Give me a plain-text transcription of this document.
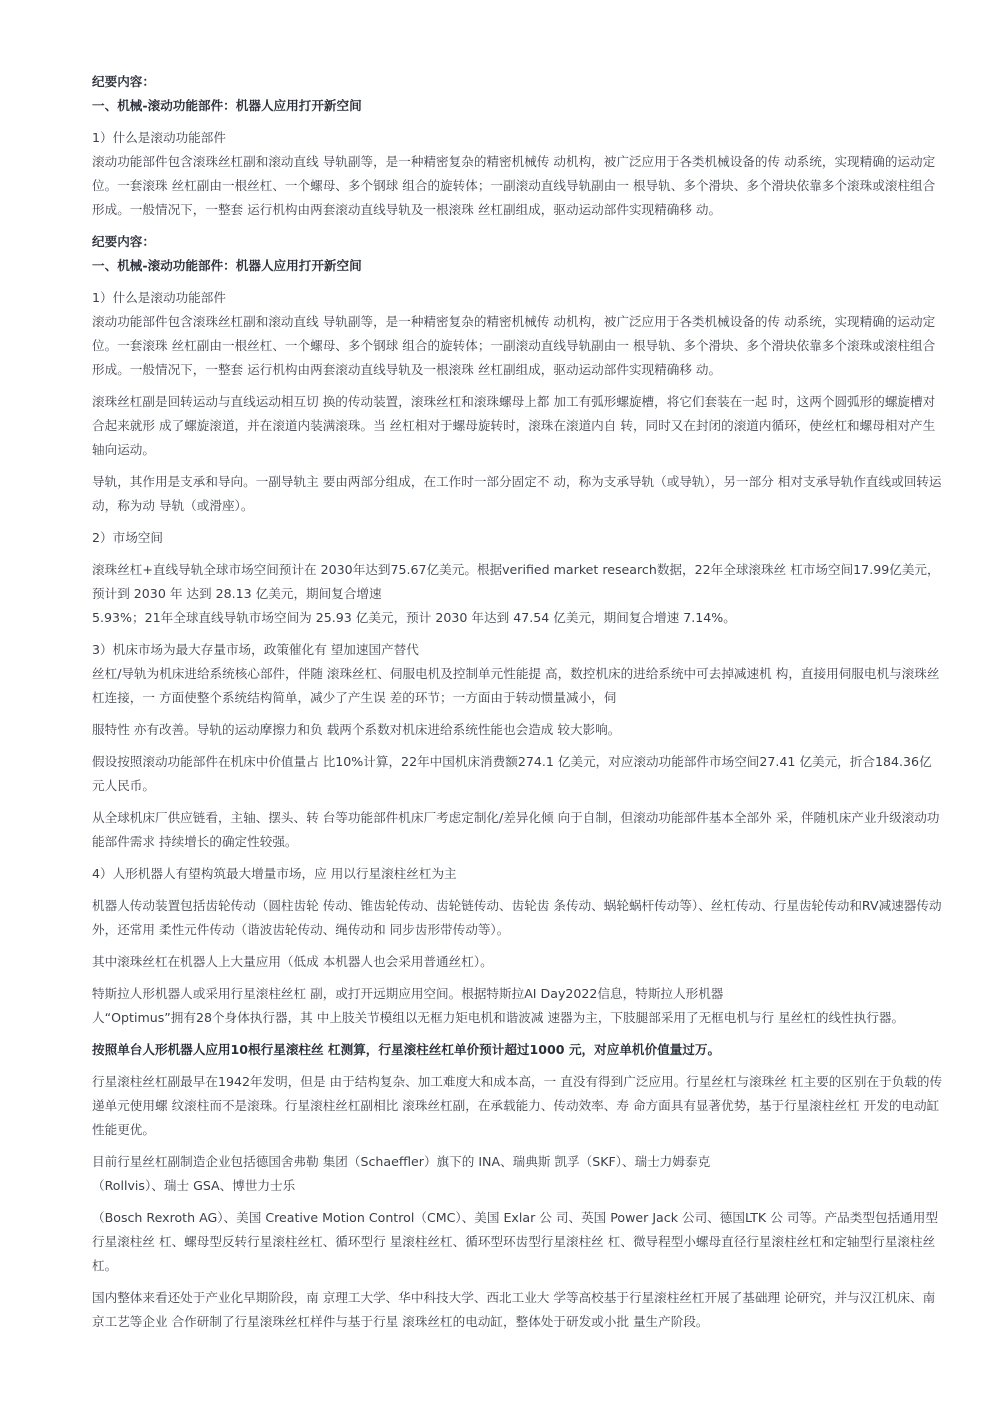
纪要内容：

一、机械-滚动功能部件：机器人应用打开新空间

1）什么是滚动功能部件

滚动功能部件包含滚珠丝杠副和滚动直线 导轨副等，是一种精密复杂的精密机械传 动机构，被广泛应用于各类机械设备的传 动系统，实现精确的运动定位。一套滚珠 丝杠副由一根丝杠、一个螺母、多个钢球 组合的旋转体；一副滚动直线导轨副由一 根导轨、多个滑块、多个滑块依靠多个滚珠或滚柱组合形成。一般情况下，一整套 运行机构由两套滚动直线导轨及一根滚珠 丝杠副组成，驱动运动部件实现精确移 动。

纪要内容：

一、机械-滚动功能部件：机器人应用打开新空间

1）什么是滚动功能部件

滚动功能部件包含滚珠丝杠副和滚动直线 导轨副等，是一种精密复杂的精密机械传 动机构，被广泛应用于各类机械设备的传 动系统，实现精确的运动定位。一套滚珠 丝杠副由一根丝杠、一个螺母、多个钢球 组合的旋转体；一副滚动直线导轨副由一 根导轨、多个滑块、多个滑块依靠多个滚珠或滚柱组合形成。一般情况下，一整套 运行机构由两套滚动直线导轨及一根滚珠 丝杠副组成，驱动运动部件实现精确移 动。

滚珠丝杠副是回转运动与直线运动相互切 换的传动装置，滚珠丝杠和滚珠螺母上都 加工有弧形螺旋槽，将它们套装在一起 时，这两个圆弧形的螺旋槽对合起来就形 成了螺旋滚道，并在滚道内装满滚珠。当 丝杠相对于螺母旋转时，滚珠在滚道内自 转，同时又在封闭的滚道内循环，使丝杠和螺母相对产生轴向运动。

导轨，其作用是支承和导向。一副导轨主 要由两部分组成，在工作时一部分固定不 动，称为支承导轨（或导轨），另一部分 相对支承导轨作直线或回转运动，称为动 导轨（或滑座）。

2）市场空间

滚珠丝杠+直线导轨全球市场空间预计在 2030年达到75.67亿美元。根据verified market research数据，22年全球滚珠丝 杠市场空间17.99亿美元，预计到 2030 年 达到 28.13 亿美元，期间复合增速

5.93%；21年全球直线导轨市场空间为 25.93 亿美元，预计 2030 年达到 47.54 亿美元，期间复合增速 7.14%。

3）机床市场为最大存量市场，政策催化有 望加速国产替代

丝杠/导轨为机床进给系统核心部件，伴随 滚珠丝杠、伺服电机及控制单元性能提 高，数控机床的进给系统中可去掉减速机 构，直接用伺服电机与滚珠丝杠连接，一 方面使整个系统结构简单，减少了产生误 差的环节；一方面由于转动惯量减小，伺

服特性 亦有改善。导轨的运动摩擦力和负 载两个系数对机床进给系统性能也会造成 较大影响。

假设按照滚动功能部件在机床中价值量占 比10%计算，22年中国机床消费额274.1 亿美元，对应滚动功能部件市场空间27.41 亿美元，折合184.36亿元人民币。

从全球机床厂供应链看，主轴、摆头、转 台等功能部件机床厂考虑定制化/差异化倾 向于自制，但滚动功能部件基本全部外 采，伴随机床产业升级滚动功能部件需求 持续增长的确定性较强。

4）人形机器人有望构筑最大增量市场，应 用以行星滚柱丝杠为主

机器人传动装置包括齿轮传动（圆柱齿轮 传动、锥齿轮传动、齿轮链传动、齿轮齿 条传动、蜗轮蜗杆传动等）、丝杠传动、行星齿轮传动和RV减速器传动外，还常用 柔性元件传动（谐波齿轮传动、绳传动和 同步齿形带传动等）。

其中滚珠丝杠在机器人上大量应用（低成 本机器人也会采用普通丝杠）。

特斯拉人形机器人或采用行星滚柱丝杠 副，或打开远期应用空间。根据特斯拉AI Day2022信息，特斯拉人形机器

人“Optimus”拥有28个身体执行器，其 中上肢关节模组以无框力矩电机和谐波减 速器为主，下肢腿部采用了无框电机与行 星丝杠的线性执行器。

按照单台人形机器人应用10根行星滚柱丝 杠测算，行星滚柱丝杠单价预计超过1000 元，对应单机价值量过万。

行星滚柱丝杠副最早在1942年发明，但是 由于结构复杂、加工难度大和成本高，一 直没有得到广泛应用。行星丝杠与滚珠丝 杠主要的区别在于负载的传递单元使用螺 纹滚柱而不是滚珠。行星滚柱丝杠副相比 滚珠丝杠副，在承载能力、传动效率、寿 命方面具有显著优势，基于行星滚柱丝杠 开发的电动缸性能更优。

目前行星丝杠副制造企业包括德国舍弗勒 集团（Schaeffler）旗下的 INA、瑞典斯 凯孚（SKF）、瑞士力姆泰克

（Rollvis）、瑞士 GSA、博世力士乐

（Bosch Rexroth AG）、美国 Creative Motion Control（CMC）、美国 Exlar 公 司、英国 Power Jack 公司、德国LTK 公 司等。产品类型包括通用型行星滚柱丝 杠、螺母型反转行星滚柱丝杠、循环型行 星滚柱丝杠、循环型环齿型行星滚柱丝 杠、微导程型小螺母直径行星滚柱丝杠和定轴型行星滚柱丝杠。

国内整体来看还处于产业化早期阶段，南 京理工大学、华中科技大学、西北工业大 学等高校基于行星滚柱丝杠开展了基础理 论研究，并与汉江机床、南京工艺等企业 合作研制了行星滚珠丝杠样件与基于行星 滚珠丝杠的电动缸，整体处于研发或小批 量生产阶段。
